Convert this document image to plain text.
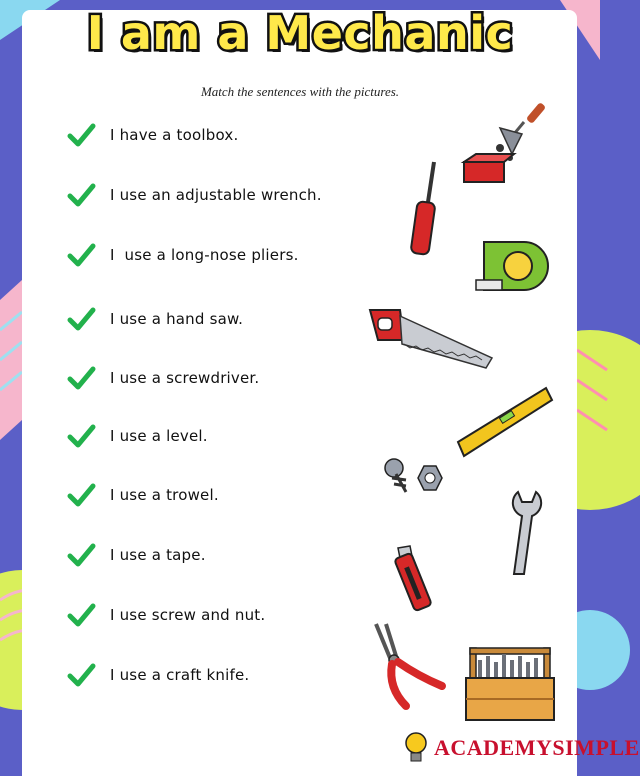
I am a Mechanic
Match the sentences with the pictures.
I have a toolbox.
I use an adjustable wrench.
I  use a long-nose pliers.
I use a hand saw.
I use a screwdriver.
I use a level.
I use a trowel.
I use a tape.
I use screw and nut.
I use a craft knife.
ACADEMYSIMPLE
